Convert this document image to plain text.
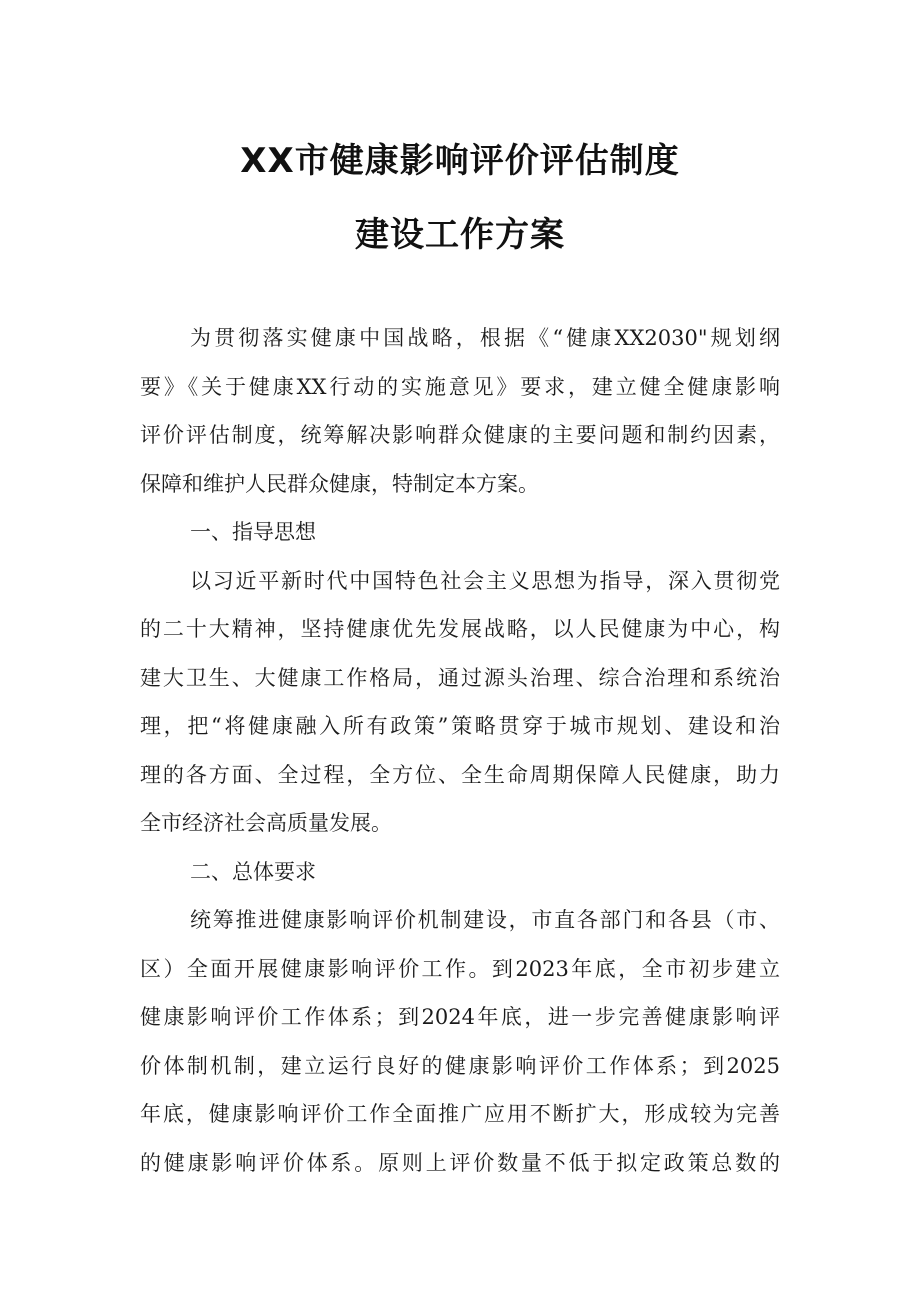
XX市健康影响评价评估制度
建设工作方案
为贯彻落实健康中国战略，根据《“健康XX2030"规划纲
要》《关于健康XX行动的实施意见》要求，建立健全健康影响
评价评估制度，统筹解决影响群众健康的主要问题和制约因素，
保障和维护人民群众健康，特制定本方案。
一、指导思想
以习近平新时代中国特色社会主义思想为指导，深入贯彻党
的二十大精神，坚持健康优先发展战略，以人民健康为中心，构
建大卫生、大健康工作格局，通过源头治理、综合治理和系统治
理，把“将健康融入所有政策”策略贯穿于城市规划、建设和治
理的各方面、全过程，全方位、全生命周期保障人民健康，助力
全市经济社会高质量发展。
二、总体要求
统筹推进健康影响评价机制建设，市直各部门和各县（市、
区）全面开展健康影响评价工作。到2023年底，全市初步建立
健康影响评价工作体系；到2024年底，进一步完善健康影响评
价体制机制，建立运行良好的健康影响评价工作体系；到2025
年底，健康影响评价工作全面推广应用不断扩大，形成较为完善
的健康影响评价体系。原则上评价数量不低于拟定政策总数的
